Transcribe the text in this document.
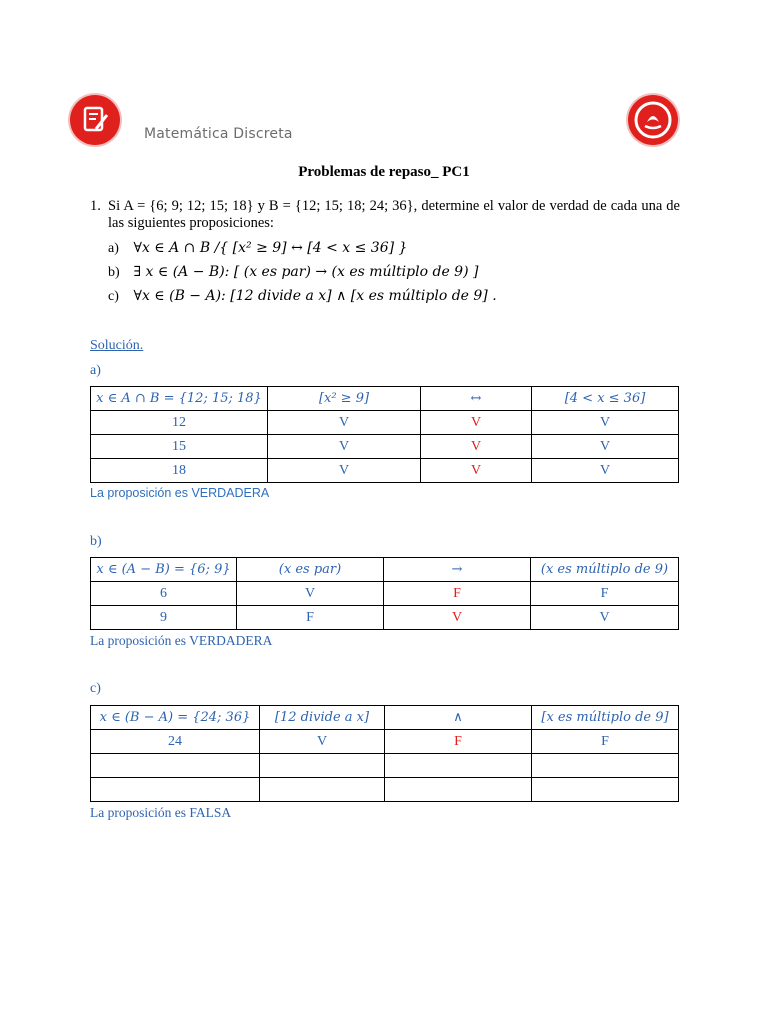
Matemática Discreta
Problemas de repaso_ PC1
1. Si A = {6; 9; 12; 15; 18} y B = {12; 15; 18; 24; 36}, determine el valor de verdad de cada una de las siguientes proposiciones:
a) ∀x ∈ A ∩ B /{ [x² ≥ 9] ↔ [4 < x ≤ 36] }
b) ∃ x ∈ (A − B): [ (x es par) → (x es múltiplo de 9) ]
c) ∀x ∈ (B − A): [12 divide a x] ∧ [x es múltiplo de 9] .
Solución.
a)
x ∈ A ∩ B = {12; 15; 18}	[x² ≥ 9]	↔	[4 < x ≤ 36]
12	V	V	V
15	V	V	V
18	V	V	V
La proposición es VERDADERA
b)
x ∈ (A − B) = {6; 9}	(x es par)	→	(x es múltiplo de 9)
6	V	F	F
9	F	V	V
La proposición es VERDADERA
c)
x ∈ (B − A) = {24; 36}	[12 divide a x]	∧	[x es múltiplo de 9]
24	V	F	F

La proposición es FALSA
